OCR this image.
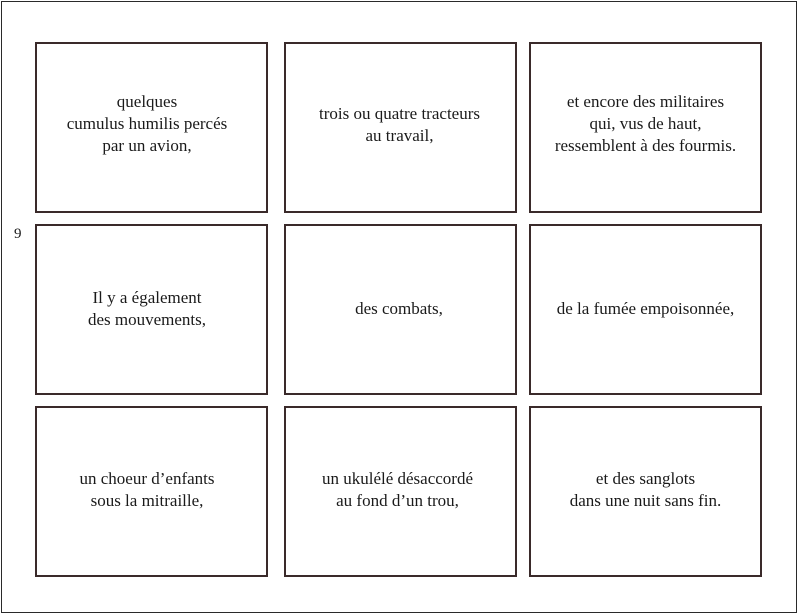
9
quelques
cumulus humilis percés
par un avion,
trois ou quatre tracteurs
au travail,
et encore des militaires
qui, vus de haut,
ressemblent à des fourmis.
Il y a également
des mouvements,
des combats,	de la fumée empoisonnée,
un choeur d’enfants
sous la mitraille,
un ukulélé désaccordé
au fond d’un trou,
et des sanglots
dans une nuit sans fin.
